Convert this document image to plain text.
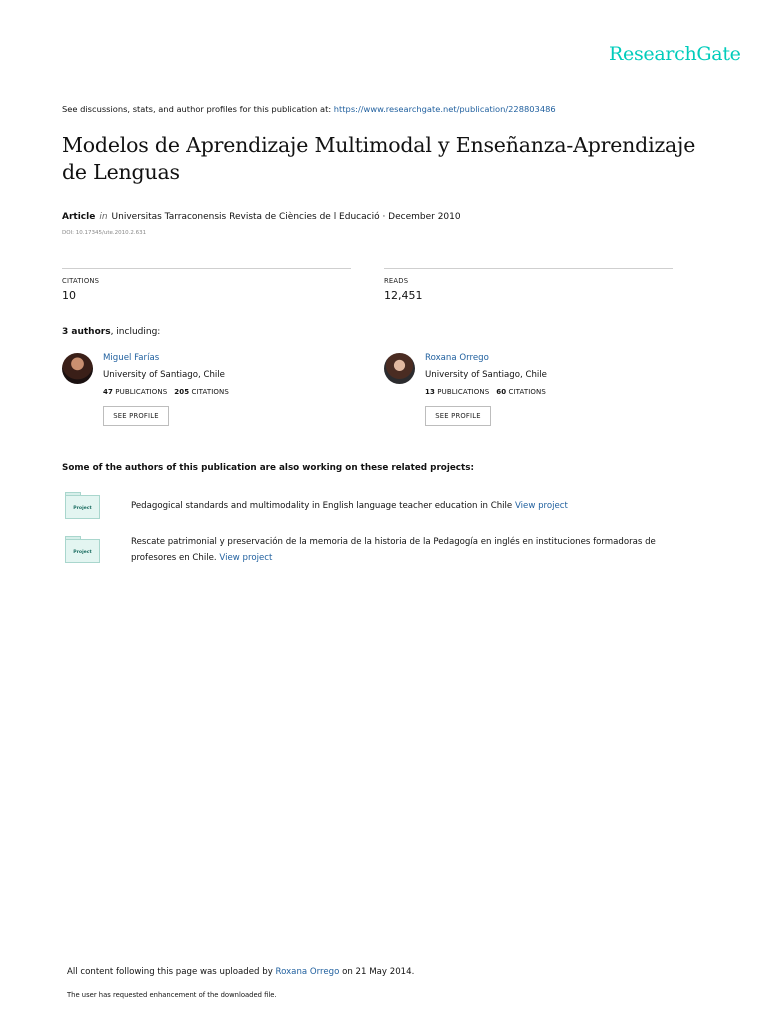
ResearchGate
See discussions, stats, and author profiles for this publication at: https://www.researchgate.net/publication/228803486
Modelos de Aprendizaje Multimodal y Enseñanza-Aprendizaje de Lenguas
Article in Universitas Tarraconensis Revista de Ciències de l Educació · December 2010
DOI: 10.17345/ute.2010.2.631
CITATIONS
10
READS
12,451
3 authors, including:
Miguel Farías
University of Santiago, Chile
47 PUBLICATIONS 205 CITATIONS
SEE PROFILE
Roxana Orrego
University of Santiago, Chile
13 PUBLICATIONS 60 CITATIONS
SEE PROFILE
Some of the authors of this publication are also working on these related projects:
Project	Pedagogical standards and multimodality in English language teacher education in Chile View project
Project
Rescate patrimonial y preservación de la memoria de la historia de la Pedagogía en inglés en instituciones formadoras de profesores en Chile. View project
All content following this page was uploaded by Roxana Orrego on 21 May 2014.
The user has requested enhancement of the downloaded file.
